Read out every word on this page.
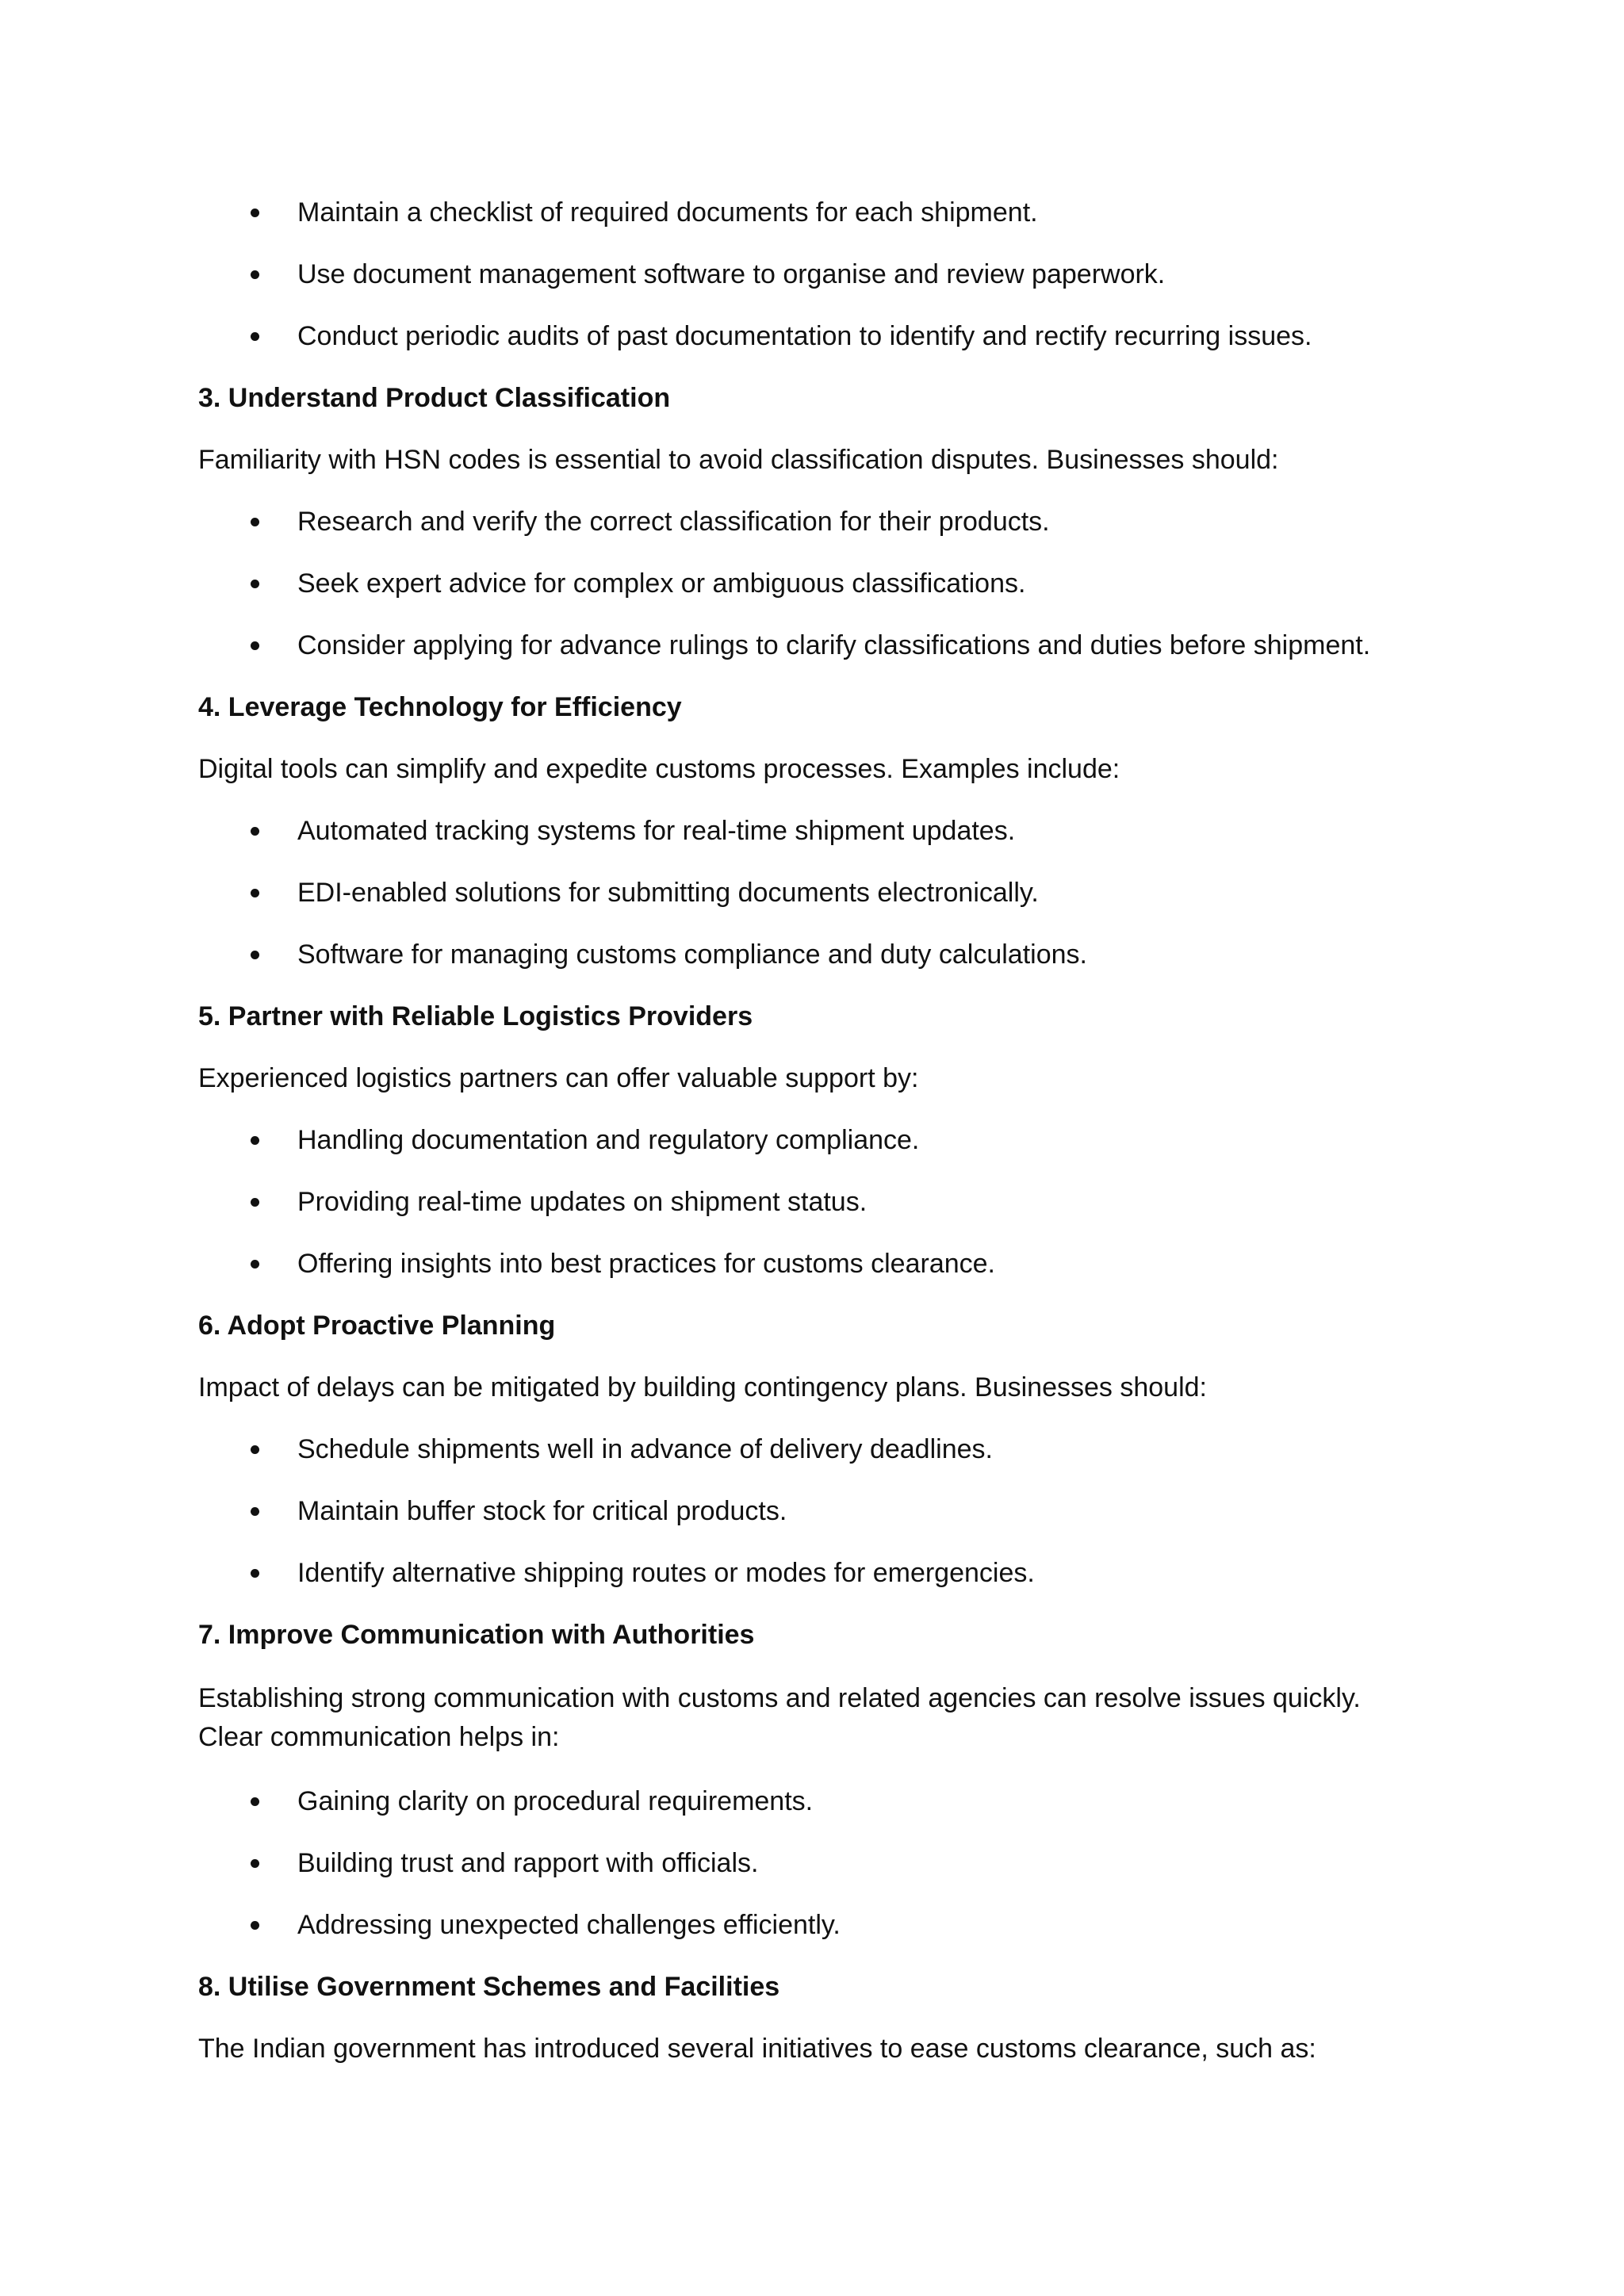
Maintain a checklist of required documents for each shipment.
Use document management software to organise and review paperwork.
Conduct periodic audits of past documentation to identify and rectify recurring issues.
3. Understand Product Classification

Familiarity with HSN codes is essential to avoid classification disputes. Businesses should:

Research and verify the correct classification for their products.
Seek expert advice for complex or ambiguous classifications.
Consider applying for advance rulings to clarify classifications and duties before shipment.
4. Leverage Technology for Efficiency

Digital tools can simplify and expedite customs processes. Examples include:

Automated tracking systems for real-time shipment updates.
EDI-enabled solutions for submitting documents electronically.
Software for managing customs compliance and duty calculations.
5. Partner with Reliable Logistics Providers

Experienced logistics partners can offer valuable support by:

Handling documentation and regulatory compliance.
Providing real-time updates on shipment status.
Offering insights into best practices for customs clearance.
6. Adopt Proactive Planning

Impact of delays can be mitigated by building contingency plans. Businesses should:

Schedule shipments well in advance of delivery deadlines.
Maintain buffer stock for critical products.
Identify alternative shipping routes or modes for emergencies.
7. Improve Communication with Authorities

Establishing strong communication with customs and related agencies can resolve issues quickly.
Clear communication helps in:

Gaining clarity on procedural requirements.
Building trust and rapport with officials.
Addressing unexpected challenges efficiently.
8. Utilise Government Schemes and Facilities

The Indian government has introduced several initiatives to ease customs clearance, such as:
